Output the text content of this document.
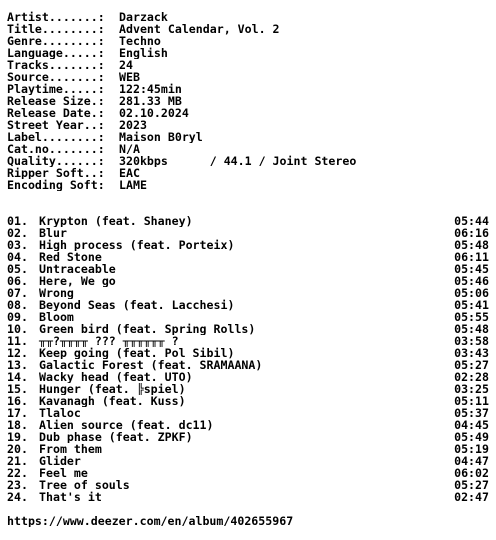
Artist.......: Darzack
Title........: Advent Calendar, Vol. 2
Genre........: Techno
Language.....: English
Tracks.......: 24
Source.......: WEB
Playtime.....: 122:45min
Release Size.: 281.33 MB
Release Date.: 02.10.2024
Street Year..: 2023
Label........: Maison B0ryl
Cat.no.......: N/A
Quality......: 320kbps      / 44.1 / Joint Stereo
Ripper Soft..: EAC
Encoding Soft: LAME
01. Krypton (feat. Shaney)	05:44
02. Blur	06:16
03. High process (feat. Porteix)	05:48
04. Red Stone	06:11
05. Untraceable	05:45
06. Here, We go	05:46
07. Wrong	05:06
08. Beyond Seas (feat. Lacchesi)	05:41
09. Bloom	05:55
10. Green bird (feat. Spring Rolls)	05:48
11. ╥╥?╥╥╥╥ ??? ╥╥╥╥╥╥ ?	03:58
12. Keep going (feat. Pol Sibil)	03:43
13. Galactic Forest (feat. SRAMAANA)	05:27
14. Wacky head (feat. UTO)	02:28
15. Hunger (feat. ╠spiel)	03:25
16. Kavanagh (feat. Kuss)	05:11
17. Tlaloc	05:37
18. Alien source (feat. dc11)	04:45
19. Dub phase (feat. ZPKF)	05:49
20. From them	05:19
21. Glider	04:47
22. Feel me	06:02
23. Tree of souls	05:27
24. That's it	02:47
https://www.deezer.com/en/album/402655967
